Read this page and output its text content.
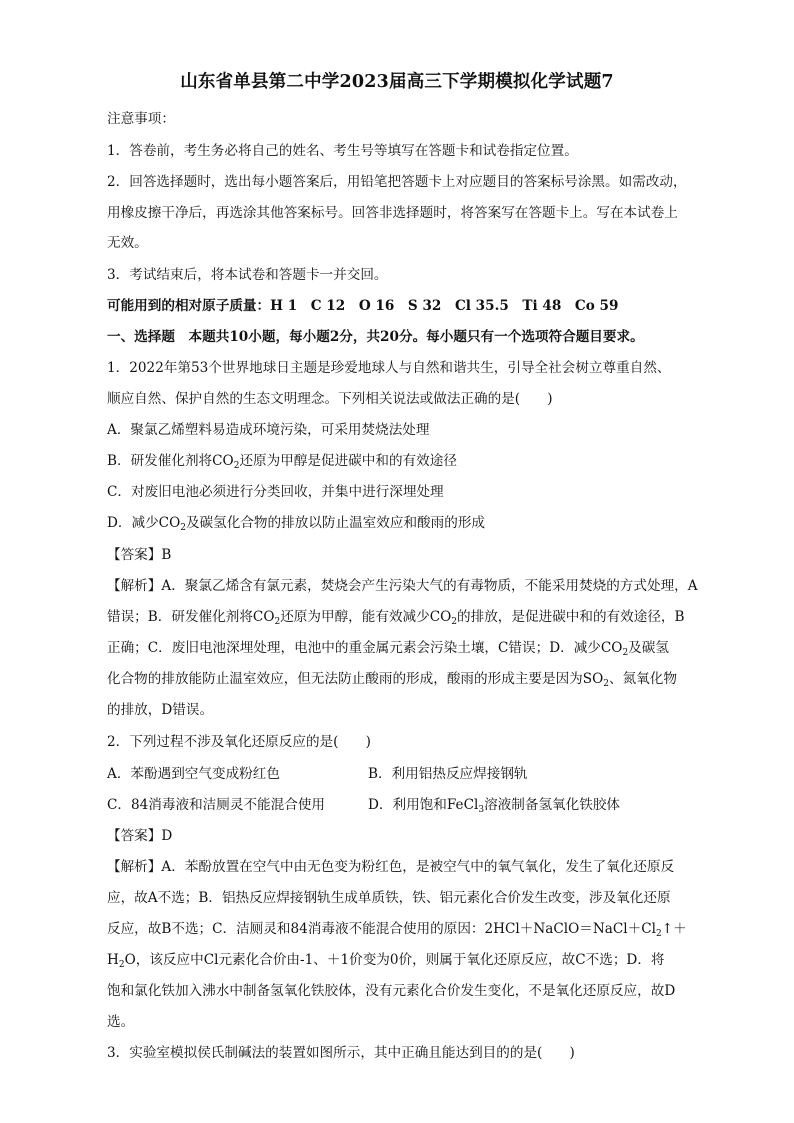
山东省单县第二中学2023届高三下学期模拟化学试题7
注意事项：
1．答卷前，考生务必将自己的姓名、考生号等填写在答题卡和试卷指定位置。
2．回答选择题时，选出每小题答案后，用铅笔把答题卡上对应题目的答案标号涂黑。如需改动，
用橡皮擦干净后，再选涂其他答案标号。回答非选择题时，将答案写在答题卡上。写在本试卷上
无效。
3．考试结束后，将本试卷和答题卡一并交回。
可能用到的相对原子质量：H 1　C 12　O 16　S 32　Cl 35.5　Ti 48　Co 59
一、选择题　本题共10小题，每小题2分，共20分。每小题只有一个选项符合题目要求。
1．2022年第53个世界地球日主题是珍爱地球人与自然和谐共生，引导全社会树立尊重自然、
顺应自然、保护自然的生态文明理念。下列相关说法或做法正确的是(　　)
A．聚氯乙烯塑料易造成环境污染，可采用焚烧法处理
B．研发催化剂将$CO_2$还原为甲醇是促进碳中和的有效途径
C．对废旧电池必须进行分类回收，并集中进行深埋处理
D．减少$CO_2$及碳氢化合物的排放以防止温室效应和酸雨的形成
【答案】B
【解析】A．聚氯乙烯含有氯元素，焚烧会产生污染大气的有毒物质，不能采用焚烧的方式处理，A
错误；B．研发催化剂将$CO_2$还原为甲醇，能有效减少$CO_2$的排放，是促进碳中和的有效途径，B
正确；C．废旧电池深埋处理，电池中的重金属元素会污染土壤，C错误；D．减少$CO_2$及碳氢
化合物的排放能防止温室效应，但无法防止酸雨的形成，酸雨的形成主要是因为$SO_2$、氮氧化物
的排放，D错误。
2．下列过程不涉及氧化还原反应的是(　　)
A．苯酚遇到空气变成粉红色	B．利用铝热反应焊接钢轨
C．84消毒液和洁厕灵不能混合使用	D．利用饱和FeCl$_3$溶液制备氢氧化铁胶体
【答案】D
【解析】A．苯酚放置在空气中由无色变为粉红色，是被空气中的氧气氧化，发生了氧化还原反
应，故A不选；B．铝热反应焊接钢轨生成单质铁，铁、铝元素化合价发生改变，涉及氧化还原
反应，故B不选；C．洁厕灵和84消毒液不能混合使用的原因：$2HCl+NaClO=NaCl+Cl_2↑+$
$H_2O$，该反应中Cl元素化合价由-1、＋1价变为0价，则属于氧化还原反应，故C不选；D．将
饱和氯化铁加入沸水中制备氢氧化铁胶体，没有元素化合价发生变化，不是氧化还原反应，故D
选。
3．实验室模拟侯氏制碱法的装置如图所示，其中正确且能达到目的的是(　　)
